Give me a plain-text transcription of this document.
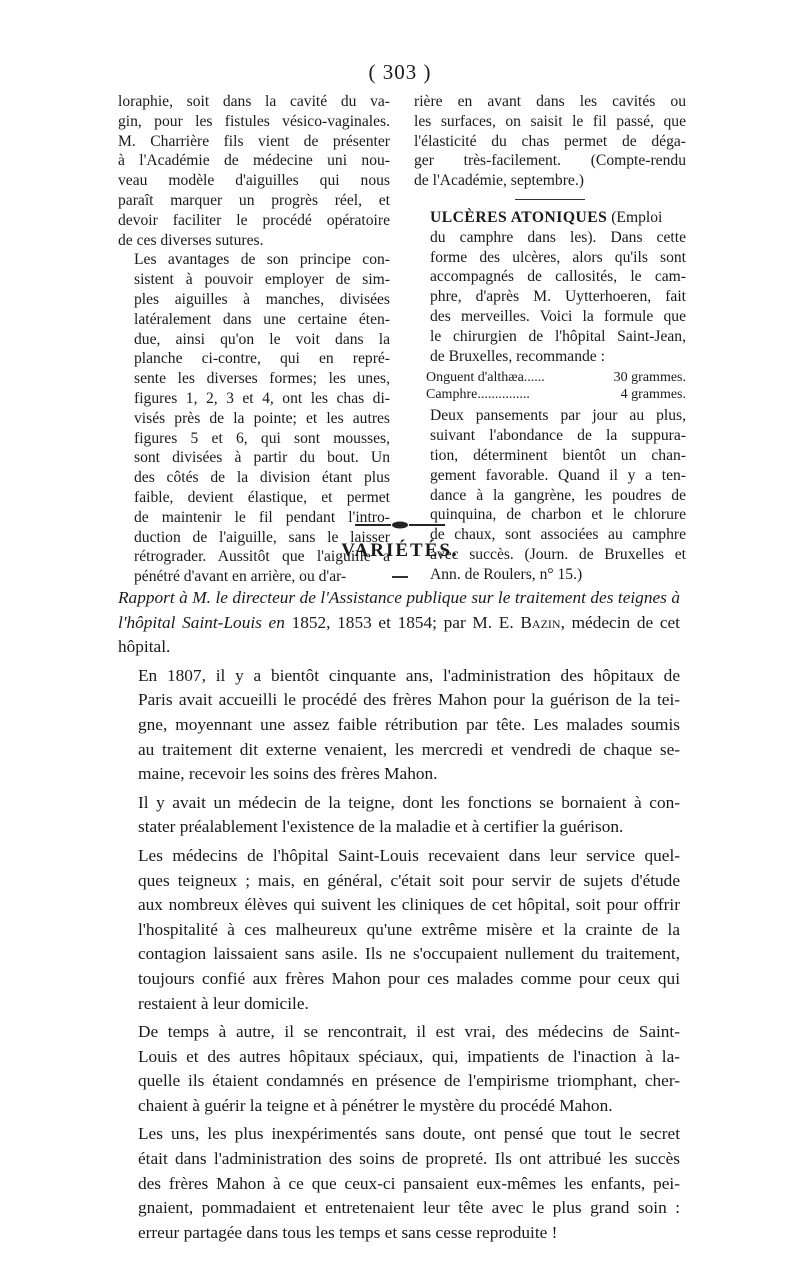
( 303 )

loraphie, soit dans la cavité du va-
gin, pour les fistules vésico-vaginales.
M. Charrière fils vient de présenter
à l'Académie de médecine uni nou-
veau modèle d'aiguilles qui nous
paraît marquer un progrès réel, et
devoir faciliter le procédé opératoire
de ces diverses sutures.

Les avantages de son principe con-
sistent à pouvoir employer de sim-
ples aiguilles à manches, divisées
latéralement dans une certaine éten-
due, ainsi qu'on le voit dans la
planche ci-contre, qui en repré-
sente les diverses formes; les unes,
figures 1, 2, 3 et 4, ont les chas di-
visés près de la pointe; et les autres
figures 5 et 6, qui sont mousses,
sont divisées à partir du bout. Un
des côtés de la division étant plus
faible, devient élastique, et permet
de maintenir le fil pendant l'intro-
duction de l'aiguille, sans le laisser
rétrograder. Aussitôt que l'aiguille a
pénétré d'avant en arrière, ou d'ar-

rière en avant dans les cavités ou
les surfaces, on saisit le fil passé, que
l'élasticité du chas permet de déga-
ger très-facilement. (Compte-rendu
de l'Académie, septembre.)

ULCÈRES ATONIQUES (Emploi
du camphre dans les). Dans cette
forme des ulcères, alors qu'ils sont
accompagnés de callosités, le cam-
phre, d'après M. Uytterhoeren, fait
des merveilles. Voici la formule que
le chirurgien de l'hôpital Saint-Jean,
de Bruxelles, recommande :

Onguent d'althæa......	30 grammes.
Camphre...............	4 grammes.

Deux pansements par jour au plus,
suivant l'abondance de la suppura-
tion, déterminent bientôt un chan-
gement favorable. Quand il y a ten-
dance à la gangrène, les poudres de
quinquina, de charbon et le chlorure
de chaux, sont associées au camphre
avec succès. (Journ. de Bruxelles et
Ann. de Roulers, n° 15.)

VARIÉTÉS.

Rapport à M. le directeur de l'Assistance publique sur le traitement des teignes à l'hôpital Saint-Louis en 1852, 1853 et 1854; par M. E. Bazin, médecin de cet hôpital.

En 1807, il y a bientôt cinquante ans, l'administration des hôpitaux de
Paris avait accueilli le procédé des frères Mahon pour la guérison de la tei-
gne, moyennant une assez faible rétribution par tête. Les malades soumis
au traitement dit externe venaient, les mercredi et vendredi de chaque se-
maine, recevoir les soins des frères Mahon.

Il y avait un médecin de la teigne, dont les fonctions se bornaient à con-
stater préalablement l'existence de la maladie et à certifier la guérison.

Les médecins de l'hôpital Saint-Louis recevaient dans leur service quel-
ques teigneux ; mais, en général, c'était soit pour servir de sujets d'étude
aux nombreux élèves qui suivent les cliniques de cet hôpital, soit pour offrir
l'hospitalité à ces malheureux qu'une extrême misère et la crainte de la
contagion laissaient sans asile. Ils ne s'occupaient nullement du traitement,
toujours confié aux frères Mahon pour ces malades comme pour ceux qui
restaient à leur domicile.

De temps à autre, il se rencontrait, il est vrai, des médecins de Saint-
Louis et des autres hôpitaux spéciaux, qui, impatients de l'inaction à la-
quelle ils étaient condamnés en présence de l'empirisme triomphant, cher-
chaient à guérir la teigne et à pénétrer le mystère du procédé Mahon.

Les uns, les plus inexpérimentés sans doute, ont pensé que tout le secret
était dans l'administration des soins de propreté. Ils ont attribué les succès
des frères Mahon à ce que ceux-ci pansaient eux-mêmes les enfants, pei-
gnaient, pommadaient et entretenaient leur tête avec le plus grand soin :
erreur partagée dans tous les temps et sans cesse reproduite !
